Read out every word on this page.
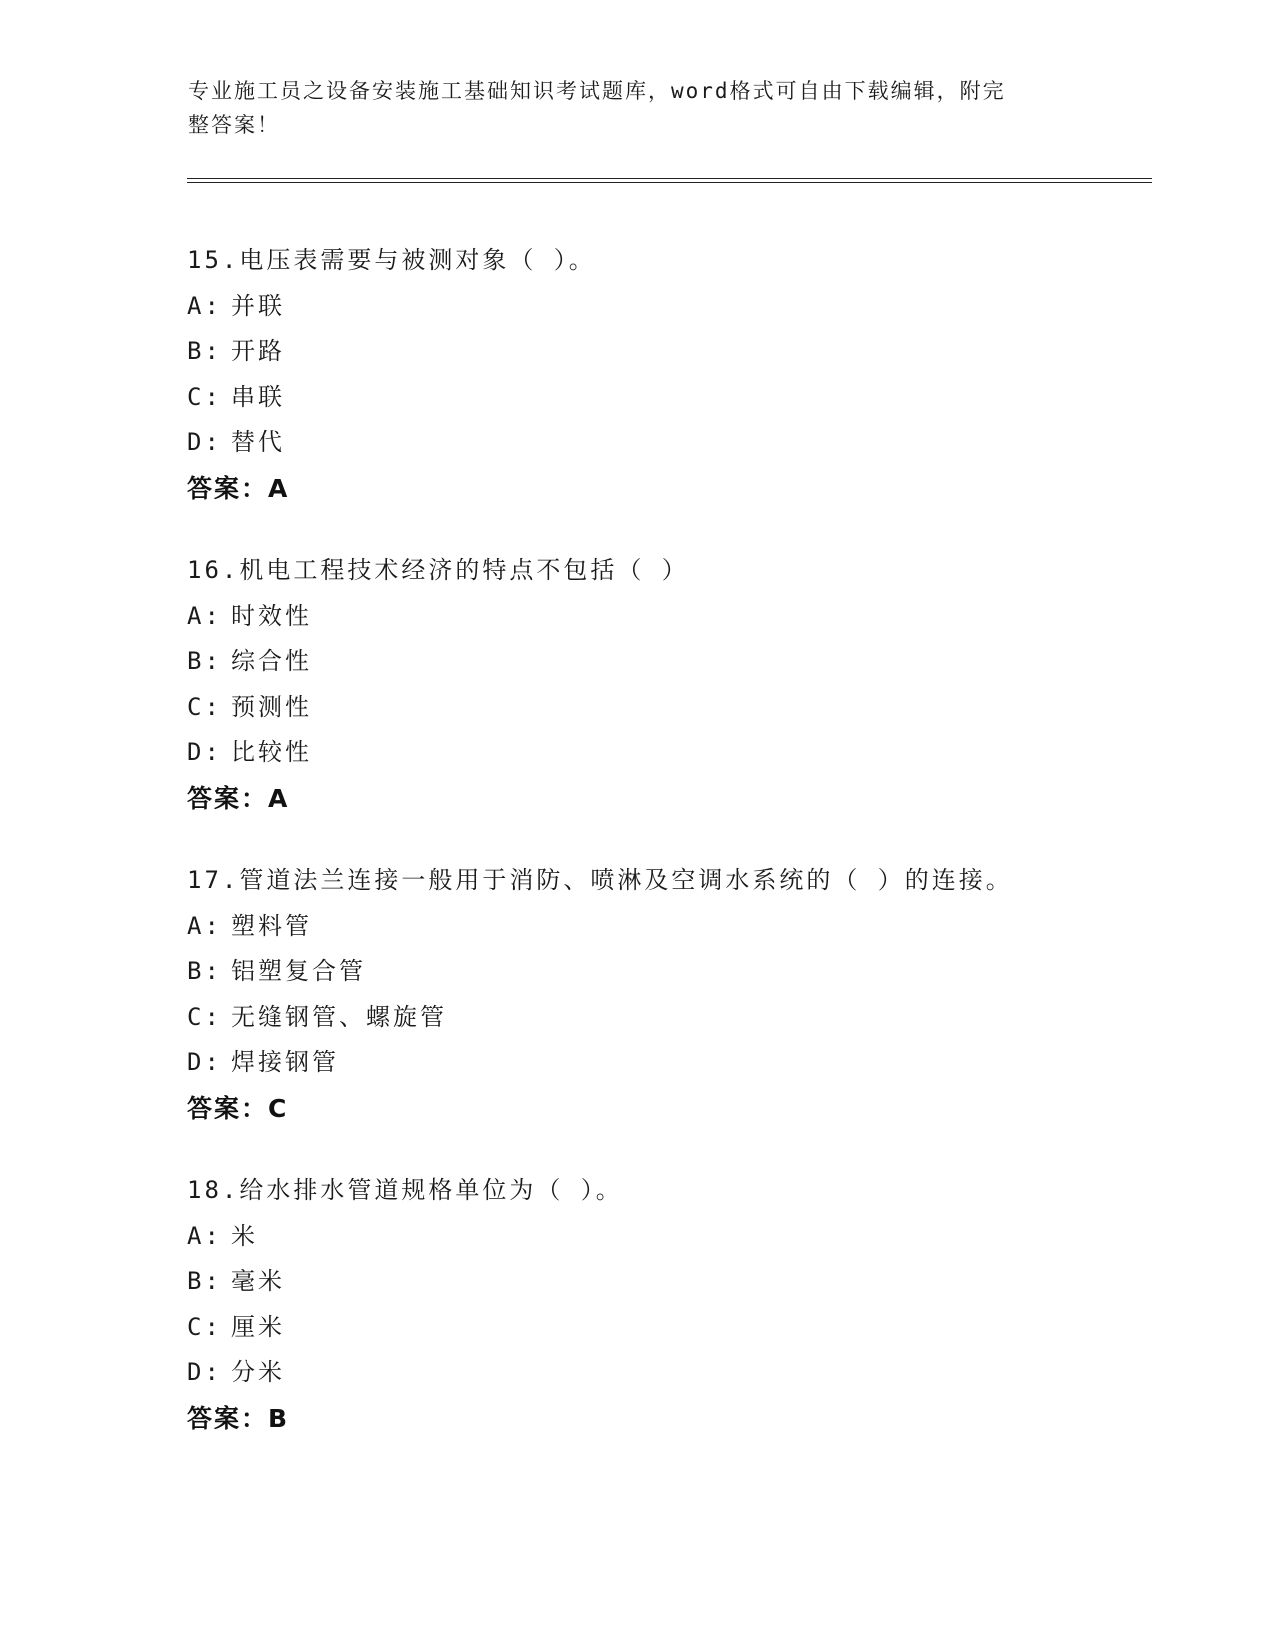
专业施工员之设备安装施工基础知识考试题库，word格式可自由下载编辑，附完
整答案！
15.电压表需要与被测对象（ ）。
A: 并联
B: 开路
C: 串联
D: 替代
答案：A
16.机电工程技术经济的特点不包括（ ）
A: 时效性
B: 综合性
C: 预测性
D: 比较性
答案：A
17.管道法兰连接一般用于消防、喷淋及空调水系统的（ ）的连接。
A: 塑料管
B: 铝塑复合管
C: 无缝钢管、螺旋管
D: 焊接钢管
答案：C
18.给水排水管道规格单位为（ ）。
A: 米
B: 毫米
C: 厘米
D: 分米
答案：B
